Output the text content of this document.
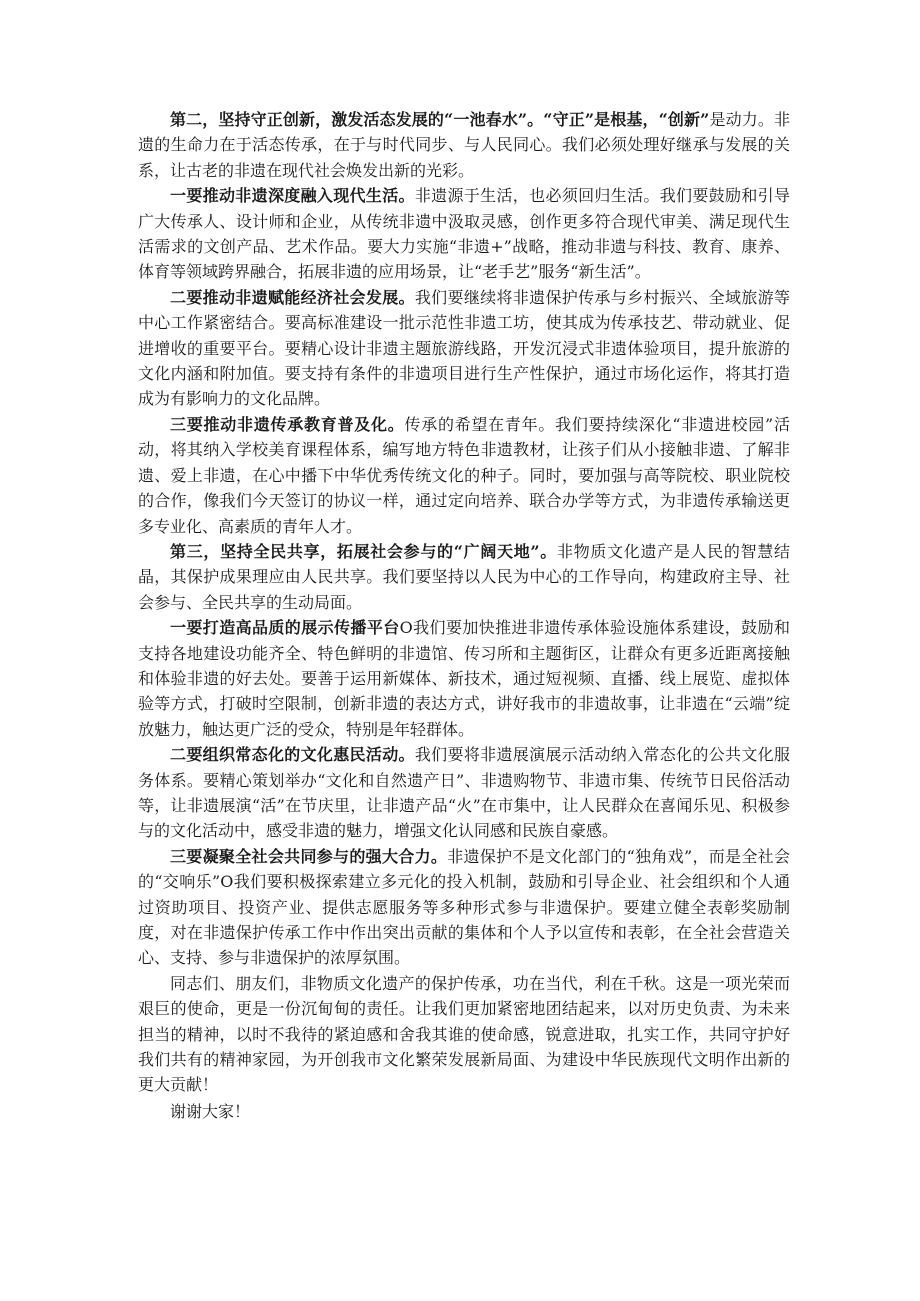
第二，坚持守正创新，激发活态发展的“一池春水”。“守正”是根基，“创新”是动力。非遗的生命力在于活态传承，在于与时代同步、与人民同心。我们必须处理好继承与发展的关系，让古老的非遗在现代社会焕发出新的光彩。

一要推动非遗深度融入现代生活。非遗源于生活，也必须回归生活。我们要鼓励和引导广大传承人、设计师和企业，从传统非遗中汲取灵感，创作更多符合现代审美、满足现代生活需求的文创产品、艺术作品。要大力实施“非遗+”战略，推动非遗与科技、教育、康养、体育等领域跨界融合，拓展非遗的应用场景，让“老手艺”服务“新生活”。

二要推动非遗赋能经济社会发展。我们要继续将非遗保护传承与乡村振兴、全域旅游等中心工作紧密结合。要高标准建设一批示范性非遗工坊，使其成为传承技艺、带动就业、促进增收的重要平台。要精心设计非遗主题旅游线路，开发沉浸式非遗体验项目，提升旅游的文化内涵和附加值。要支持有条件的非遗项目进行生产性保护，通过市场化运作，将其打造成为有影响力的文化品牌。

三要推动非遗传承教育普及化。传承的希望在青年。我们要持续深化“非遗进校园”活动，将其纳入学校美育课程体系，编写地方特色非遗教材，让孩子们从小接触非遗、了解非遗、爱上非遗，在心中播下中华优秀传统文化的种子。同时，要加强与高等院校、职业院校的合作，像我们今天签订的协议一样，通过定向培养、联合办学等方式，为非遗传承输送更多专业化、高素质的青年人才。

第三，坚持全民共享，拓展社会参与的“广阔天地”。非物质文化遗产是人民的智慧结晶，其保护成果理应由人民共享。我们要坚持以人民为中心的工作导向，构建政府主导、社会参与、全民共享的生动局面。

一要打造高品质的展示传播平台O我们要加快推进非遗传承体验设施体系建设，鼓励和支持各地建设功能齐全、特色鲜明的非遗馆、传习所和主题街区，让群众有更多近距离接触和体验非遗的好去处。要善于运用新媒体、新技术，通过短视频、直播、线上展览、虚拟体验等方式，打破时空限制，创新非遗的表达方式，讲好我市的非遗故事，让非遗在“云端”绽放魅力，触达更广泛的受众，特别是年轻群体。

二要组织常态化的文化惠民活动。我们要将非遗展演展示活动纳入常态化的公共文化服务体系。要精心策划举办“文化和自然遗产日”、非遗购物节、非遗市集、传统节日民俗活动等，让非遗展演“活”在节庆里，让非遗产品“火”在市集中，让人民群众在喜闻乐见、积极参与的文化活动中，感受非遗的魅力，增强文化认同感和民族自豪感。

三要凝聚全社会共同参与的强大合力。非遗保护不是文化部门的“独角戏”，而是全社会的“交响乐”O我们要积极探索建立多元化的投入机制，鼓励和引导企业、社会组织和个人通过资助项目、投资产业、提供志愿服务等多种形式参与非遗保护。要建立健全表彰奖励制度，对在非遗保护传承工作中作出突出贡献的集体和个人予以宣传和表彰，在全社会营造关心、支持、参与非遗保护的浓厚氛围。

同志们、朋友们，非物质文化遗产的保护传承，功在当代，利在千秋。这是一项光荣而艰巨的使命，更是一份沉甸甸的责任。让我们更加紧密地团结起来，以对历史负责、为未来担当的精神，以时不我待的紧迫感和舍我其谁的使命感，锐意进取，扎实工作，共同守护好我们共有的精神家园，为开创我市文化繁荣发展新局面、为建设中华民族现代文明作出新的更大贡献！

谢谢大家！
